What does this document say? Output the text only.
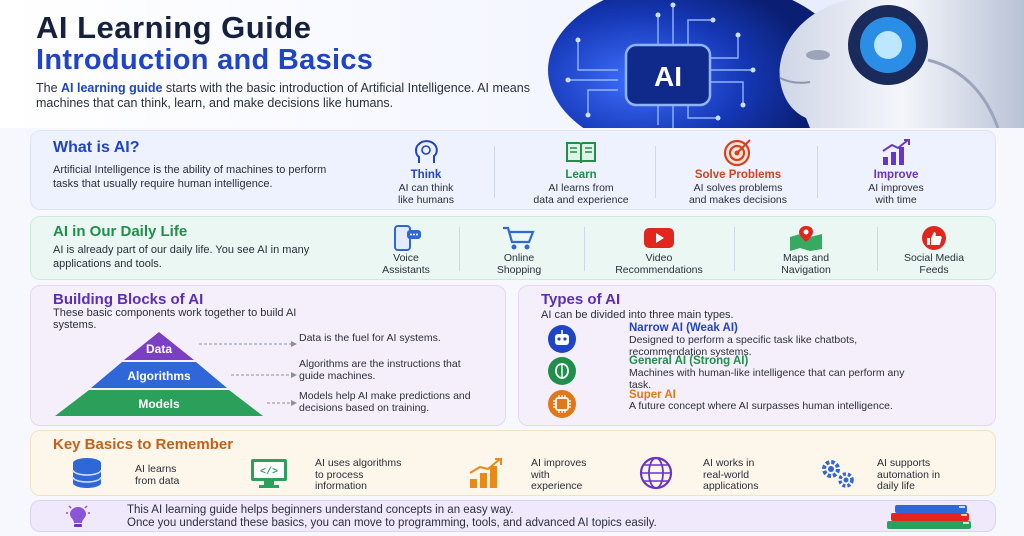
AI Learning Guide
Introduction and Basics
The AI learning guide starts with the basic introduction of Artificial Intelligence. AI means machines that can think, learn, and make decisions like humans.
AI
What is AI?
Artificial Intelligence is the ability of machines to perform tasks that usually require human intelligence.
Think
AI can think
like humans
Learn
AI learns from
data and experience
Solve Problems
AI solves problems
and makes decisions
Improve
AI improves
with time
AI in Our Daily Life
AI is already part of our daily life. You see AI in many applications and tools.	Voice
Assistants
Online
Shopping
Video
Recommendations
Maps and
Navigation
Social Media
Feeds
Building Blocks of AI
These basic components work together to build AI systems.
Data
Algorithms
Models
Data is the fuel for AI systems.
Algorithms are the instructions that guide machines.
Models help AI make predictions and decisions based on training.
Types of AI
AI can be divided into three main types.
Narrow AI (Weak AI)
Designed to perform a specific task like chatbots, recommendation systems.
General AI (Strong AI)
Machines with human-like intelligence that can perform any task.
Super AI
A future concept where AI surpasses human intelligence.
Key Basics to Remember
AI learns
from data
</>
AI uses algorithms
to process
information
AI improves
with
experience
AI works in
real-world
applications
AI supports
automation in
daily life
This AI learning guide helps beginners understand concepts in an easy way.
Once you understand these basics, you can move to programming, tools, and advanced AI topics easily.
